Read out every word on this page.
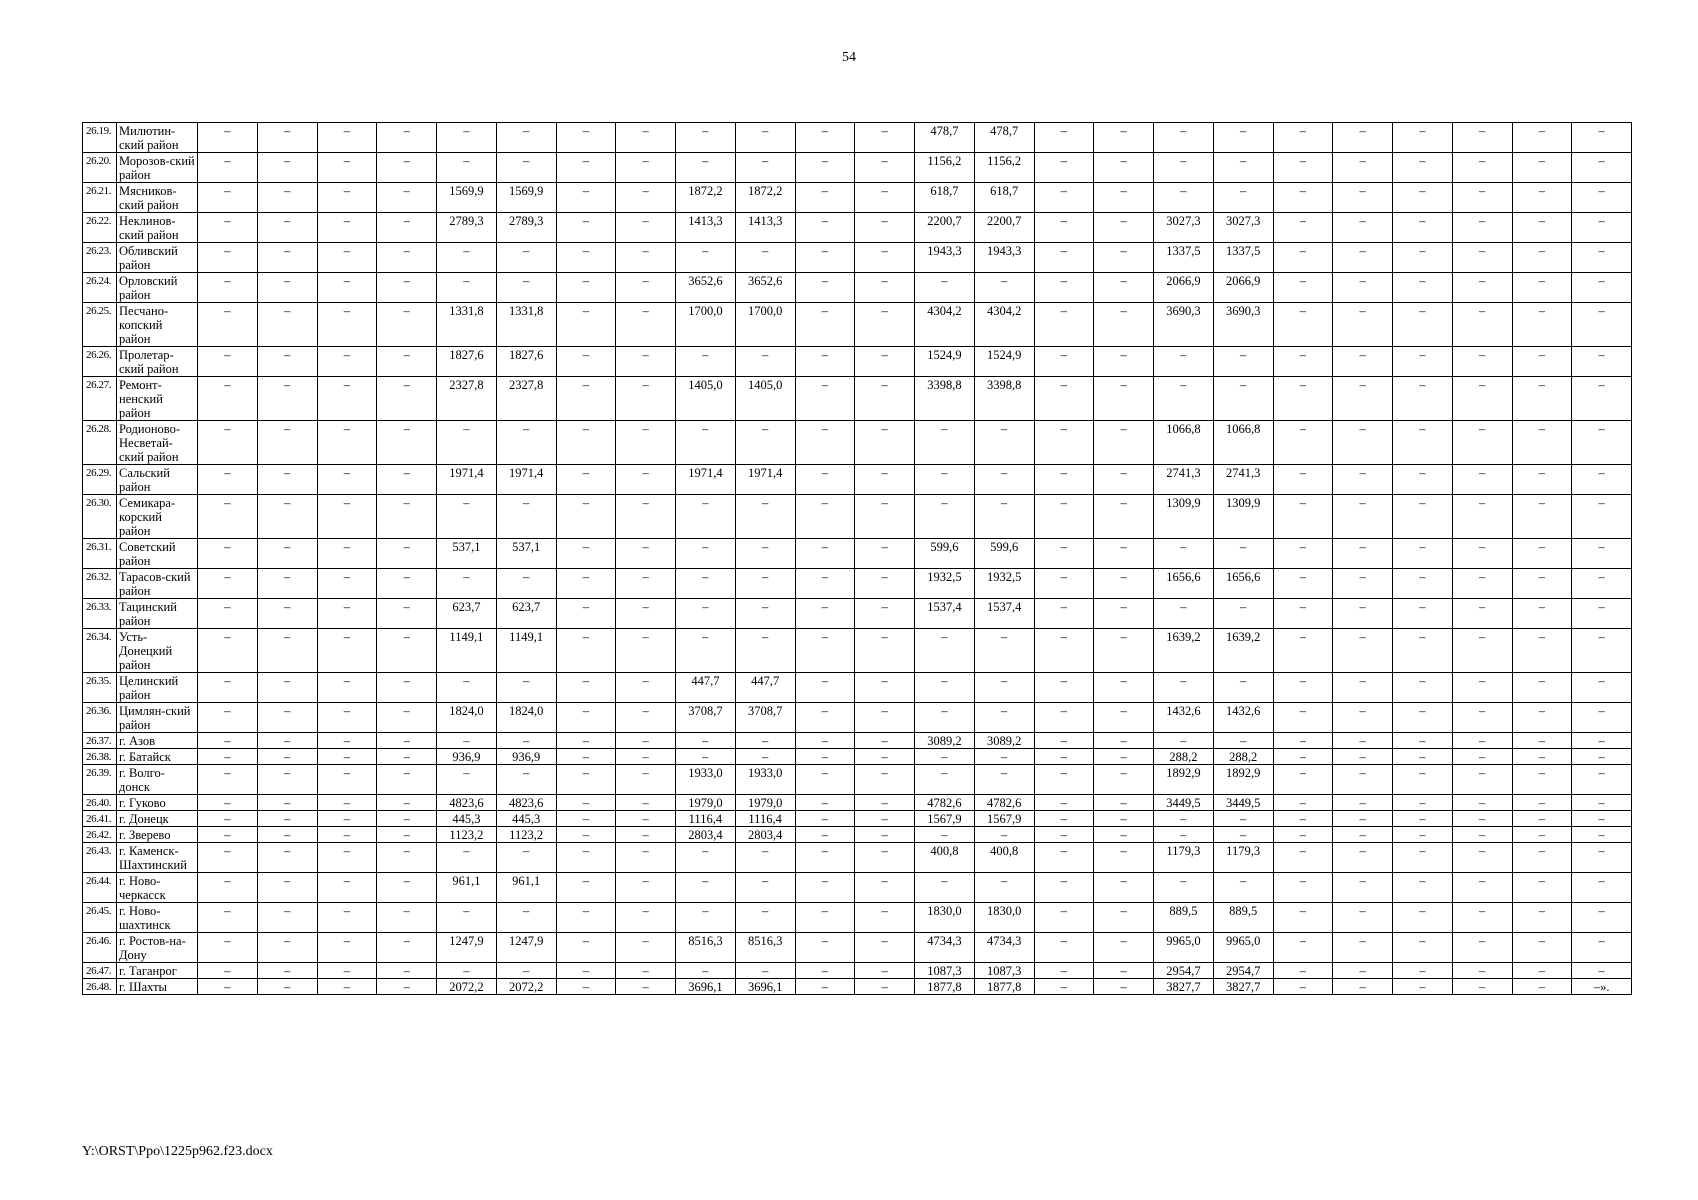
54
26.19.	Милютин-ский район	–	–	–	–	–	–	–	–	–	–	–	–	478,7	478,7	–	–	–	–	–	–	–	–	–	–
26.20.	Морозов-ский район	–	–	–	–	–	–	–	–	–	–	–	–	1156,2	1156,2	–	–	–	–	–	–	–	–	–	–
26.21.	Мясников-ский район	–	–	–	–	1569,9	1569,9	–	–	1872,2	1872,2	–	–	618,7	618,7	–	–	–	–	–	–	–	–	–	–
26.22.	Неклинов-ский район	–	–	–	–	2789,3	2789,3	–	–	1413,3	1413,3	–	–	2200,7	2200,7	–	–	3027,3	3027,3	–	–	–	–	–	–
26.23.	Обливский район	–	–	–	–	–	–	–	–	–	–	–	–	1943,3	1943,3	–	–	1337,5	1337,5	–	–	–	–	–	–
26.24.	Орловский район	–	–	–	–	–	–	–	–	3652,6	3652,6	–	–	–	–	–	–	2066,9	2066,9	–	–	–	–	–	–
26.25.	Песчано-копский район	–	–	–	–	1331,8	1331,8	–	–	1700,0	1700,0	–	–	4304,2	4304,2	–	–	3690,3	3690,3	–	–	–	–	–	–
26.26.	Пролетар-ский район	–	–	–	–	1827,6	1827,6	–	–	–	–	–	–	1524,9	1524,9	–	–	–	–	–	–	–	–	–	–
26.27.	Ремонт-ненский район	–	–	–	–	2327,8	2327,8	–	–	1405,0	1405,0	–	–	3398,8	3398,8	–	–	–	–	–	–	–	–	–	–
26.28.	Родионово-Несветай-ский район	–	–	–	–	–	–	–	–	–	–	–	–	–	–	–	–	1066,8	1066,8	–	–	–	–	–	–
26.29.	Сальский район	–	–	–	–	1971,4	1971,4	–	–	1971,4	1971,4	–	–	–	–	–	–	2741,3	2741,3	–	–	–	–	–	–
26.30.	Семикара-корский район	–	–	–	–	–	–	–	–	–	–	–	–	–	–	–	–	1309,9	1309,9	–	–	–	–	–	–
26.31.	Советский район	–	–	–	–	537,1	537,1	–	–	–	–	–	–	599,6	599,6	–	–	–	–	–	–	–	–	–	–
26.32.	Тарасов-ский район	–	–	–	–	–	–	–	–	–	–	–	–	1932,5	1932,5	–	–	1656,6	1656,6	–	–	–	–	–	–
26.33.	Тацинский район	–	–	–	–	623,7	623,7	–	–	–	–	–	–	1537,4	1537,4	–	–	–	–	–	–	–	–	–	–
26.34.	Усть-Донецкий район	–	–	–	–	1149,1	1149,1	–	–	–	–	–	–	–	–	–	–	1639,2	1639,2	–	–	–	–	–	–
26.35.	Целинский район	–	–	–	–	–	–	–	–	447,7	447,7	–	–	–	–	–	–	–	–	–	–	–	–	–	–
26.36.	Цимлян-ский район	–	–	–	–	1824,0	1824,0	–	–	3708,7	3708,7	–	–	–	–	–	–	1432,6	1432,6	–	–	–	–	–	–
26.37.	г. Азов	–	–	–	–	–	–	–	–	–	–	–	–	3089,2	3089,2	–	–	–	–	–	–	–	–	–	–
26.38.	г. Батайск	–	–	–	–	936,9	936,9	–	–	–	–	–	–	–	–	–	–	288,2	288,2	–	–	–	–	–	–
26.39.	г. Волго-донск	–	–	–	–	–	–	–	–	1933,0	1933,0	–	–	–	–	–	–	1892,9	1892,9	–	–	–	–	–	–
26.40.	г. Гуково	–	–	–	–	4823,6	4823,6	–	–	1979,0	1979,0	–	–	4782,6	4782,6	–	–	3449,5	3449,5	–	–	–	–	–	–
26.41.	г. Донецк	–	–	–	–	445,3	445,3	–	–	1116,4	1116,4	–	–	1567,9	1567,9	–	–	–	–	–	–	–	–	–	–
26.42.	г. Зверево	–	–	–	–	1123,2	1123,2	–	–	2803,4	2803,4	–	–	–	–	–	–	–	–	–	–	–	–	–	–
26.43.	г. Каменск-Шахтинский	–	–	–	–	–	–	–	–	–	–	–	–	400,8	400,8	–	–	1179,3	1179,3	–	–	–	–	–	–
26.44.	г. Ново-черкасск	–	–	–	–	961,1	961,1	–	–	–	–	–	–	–	–	–	–	–	–	–	–	–	–	–	–
26.45.	г. Ново-шахтинск	–	–	–	–	–	–	–	–	–	–	–	–	1830,0	1830,0	–	–	889,5	889,5	–	–	–	–	–	–
26.46.	г. Ростов-на-Дону	–	–	–	–	1247,9	1247,9	–	–	8516,3	8516,3	–	–	4734,3	4734,3	–	–	9965,0	9965,0	–	–	–	–	–	–
26.47.	г. Таганрог	–	–	–	–	–	–	–	–	–	–	–	–	1087,3	1087,3	–	–	2954,7	2954,7	–	–	–	–	–	–
26.48.	г. Шахты	–	–	–	–	2072,2	2072,2	–	–	3696,1	3696,1	–	–	1877,8	1877,8	–	–	3827,7	3827,7	–	–	–	–	–	–».
Y:\ORST\Ppo\1225p962.f23.docx
